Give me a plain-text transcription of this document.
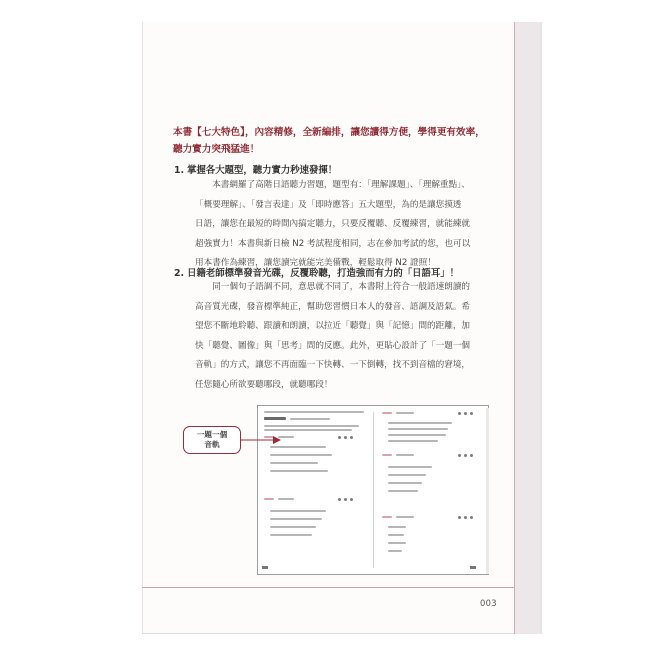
本書【七大特色】，內容精修，全新編排，讓您讀得方便，學得更有效率，
聽力實力突飛猛進！
1. 掌握各大題型，聽力實力秒速發揮！
　　本書網羅了高階日語聽力習題，題型有：「理解課題」、「理解重點」、
「概要理解」、「發言表達」及「即時應答」五大題型，為的是讓您摸透
日語，讓您在最短的時間內搞定聽力，只要反覆聽、反覆練習，就能練就
超強實力！本書與新日檢 N2 考試程度相同，志在參加考試的您，也可以
用本書作為練習，讓您讀完就能完美備戰，輕鬆取得 N2 證照！
2. 日籍老師標準發音光碟，反覆聆聽，打造強而有力的「日語耳」！
　　同一個句子語調不同，意思就不同了，本書附上符合一般語速朗讀的
高音質光碟，發音標準純正，幫助您習慣日本人的發音、語調及語氣。希
望您不斷地聆聽、跟讀和朗讀，以拉近「聽覺」與「記憶」間的距離，加
快「聽覺、圖像」與「思考」間的反應。此外，更貼心設計了「一題一個
音軌」的方式，讓您不再面臨一下快轉、一下倒轉，找不到音檔的窘境，
任您隨心所欲要聽哪段，就聽哪段！
一題一個
音軌
003
